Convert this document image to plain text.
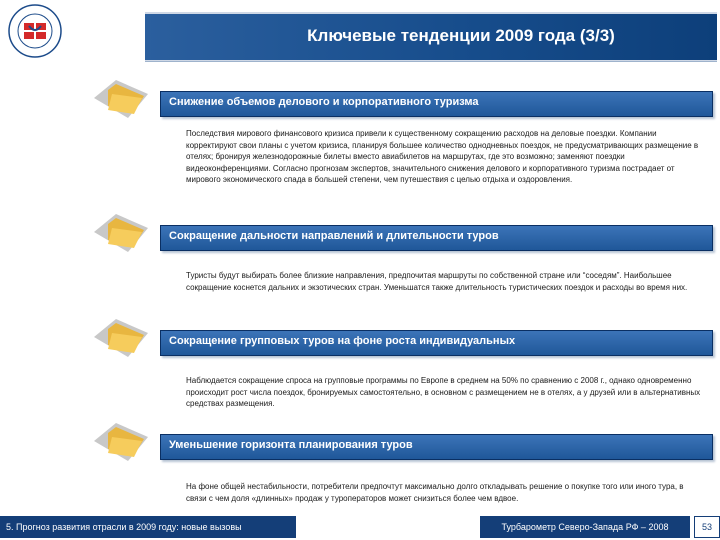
Ключевые тенденции 2009 года (3/3)
Снижение объемов делового и корпоративного туризма
Последствия мирового финансового кризиса привели к существенному сокращению расходов на деловые поездки. Компании корректируют свои планы с учетом кризиса, планируя большее количество однодневных поездок, не предусматривающих размещение в отелях; бронируя железнодорожные билеты вместо авиабилетов на маршрутах, где это возможно; заменяют поездки видеоконференциями. Согласно прогнозам экспертов, значительного снижения делового и корпоративного туризма пострадает от мирового экономического спада в большей степени, чем путешествия с целью отдыха и оздоровления.
Сокращение дальности направлений и длительности туров
Туристы будут выбирать более близкие направления, предпочитая маршруты по собственной стране или “соседям”. Наибольшее сокращение коснется дальних и экзотических стран. Уменьшатся также длительность туристических поездок и расходы во время них.
Сокращение групповых туров на фоне роста индивидуальных
Наблюдается сокращение спроса на групповые программы по Европе в среднем на 50% по сравнению с 2008 г., однако одновременно происходит рост числа поездок, бронируемых самостоятельно, в основном с размещением не в отелях, а у друзей или в альтернативных средствах размещения.
Уменьшение горизонта планирования туров
На фоне общей нестабильности, потребители предпочтут максимально долго откладывать решение о покупке того или иного тура, в связи с чем доля «длинных» продаж у туроператоров может снизиться более чем вдвое.
5. Прогноз развития отрасли в 2009 году: новые вызовы	Турбарометр Северо-Запада РФ – 2008	53
